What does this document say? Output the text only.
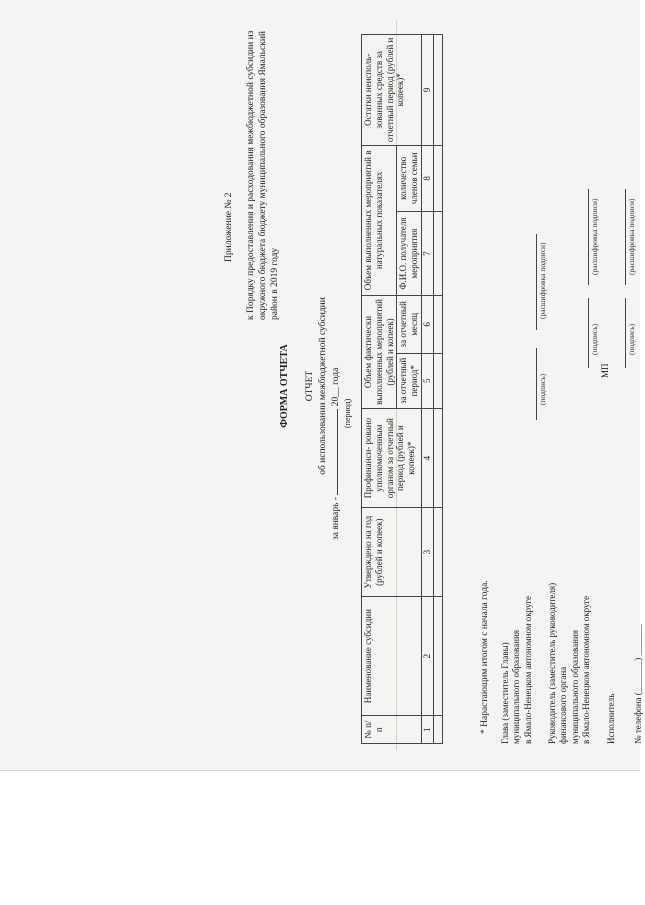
Приложение № 2 к Порядку предоставления и расходования межбюджетной субсидии из окружного бюджета бюджету муниципального образования Ямальский район в 2019 году
ФОРМА ОТЧЕТА ОТЧЕТ об использовании межбюджетной субсидии
за январь -  20__ года
(период)
№ п/п	Наименование субсидии	Утверждено на год (рублей и копеек)	Профинанси- ровано уполномоченным органом за отчетный период (рублей и копеек)*	Объем фактически выполненных мероприятий (рублей и копеек)		Объем выполненных мероприятий в натуральных показателях		Остатки неисполь- зованных средств за отчетный период (рублей и копеек)*
				за отчетный период*	за отчетный месяц	Ф.И.О. получателя мероприятия	количество членов семьи	
1	2	3	4	5	6	7	8	9

* Нарастающим итогом с начала года. Глава (заместитель Главы) муниципального образования в Ямало-Ненецком автономном округе
(подпись)
(расшифровка подписи)
Руководитель (заместитель руководителя) финансового органа муниципального образования в Ямало-Ненецком автономном округе
(подпись)
(расшифровка подписи)
Исполнитель
МП
№ телефона (_______) _______
(подпись)
(расшифровка подписи)
